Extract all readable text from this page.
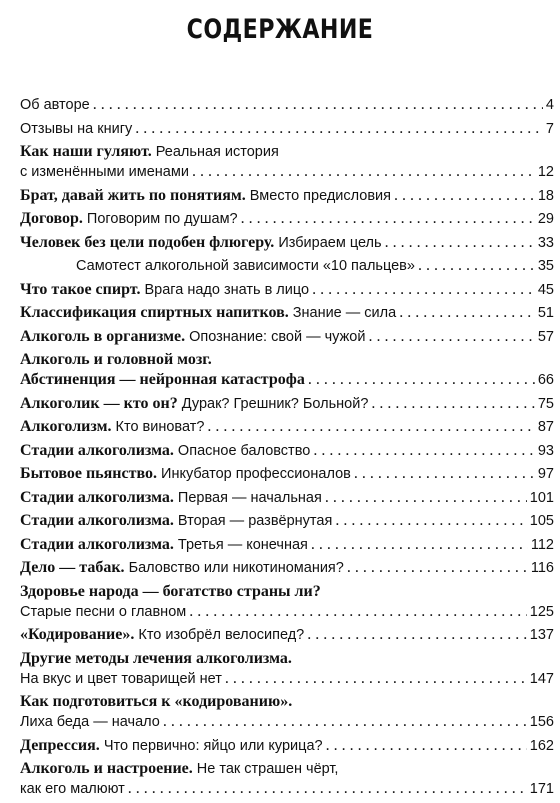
СОДЕРЖАНИЕ
Об авторе . . .	4
Отзывы на книгу . . .	7
Как наши гуляют. Реальная история
с изменёнными именами . . .	12
Брат, давай жить по понятиям. Вместо предисловия . . .	18
Договор. Поговорим по душам? . . .	29
Человек без цели подобен флюгеру. Избираем цель . . .	33
Самотест алкогольной зависимости «10 пальцев» . . .	35
Что такое спирт. Врага надо знать в лицо . . .	45
Классификация спиртных напитков. Знание — сила . . .	51
Алкоголь в организме. Опознание: свой — чужой . . .	57
Алкоголь и головной мозг.
Абстиненция — нейронная катастрофа . . .	66
Алкоголик — кто он? Дурак? Грешник? Больной? . . .	75
Алкоголизм. Кто виноват? . . .	87
Стадии алкоголизма. Опасное баловство . . .	93
Бытовое пьянство. Инкубатор профессионалов . . .	97
Стадии алкоголизма. Первая — начальная . . .	101
Стадии алкоголизма. Вторая — развёрнутая . . .	105
Стадии алкоголизма. Третья — конечная . . .	112
Дело — табак. Баловство или никотиномания? . . .	116
Здоровье народа — богатство страны ли?
Старые песни о главном . . .	125
«Кодирование». Кто изобрёл велосипед? . . .	137
Другие методы лечения алкоголизма.
На вкус и цвет товарищей нет . . .	147
Как подготовиться к «кодированию».
Лиха беда — начало . . .	156
Депрессия. Что первично: яйцо или курица? . . .	162
Алкоголь и настроение. Не так страшен чёрт,
как его малюют . . .	171
